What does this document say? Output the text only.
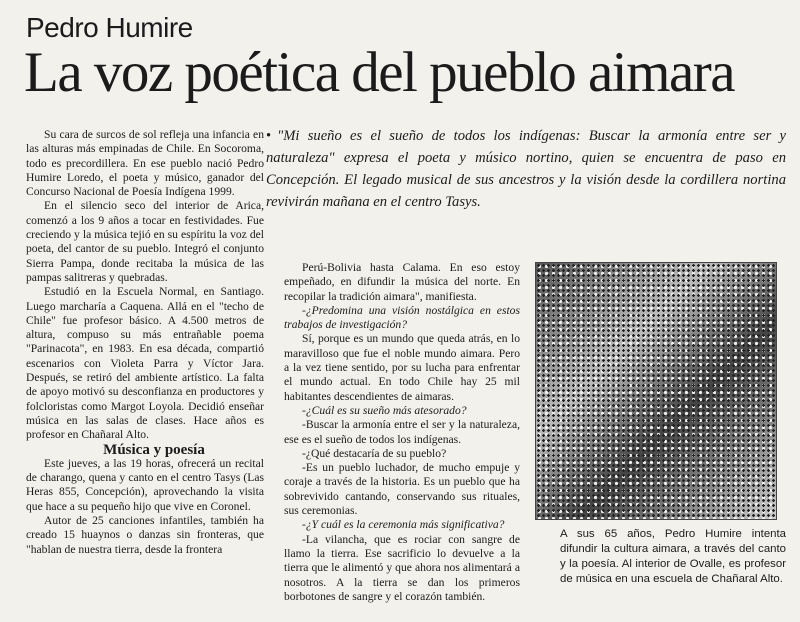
Pedro Humire
La voz poética del pueblo aimara
• "Mi sueño es el sueño de todos los indígenas: Buscar la armonía entre ser y naturaleza" expresa el poeta y músico nortino, quien se encuentra de paso en Concepción. El legado musical de sus ancestros y la visión desde la cordillera nortina revivirán mañana en el centro Tasys.

Su cara de surcos de sol refleja una infancia en las alturas más empinadas de Chile. En Socoroma, todo es precordillera. En ese pueblo nació Pedro Humire Loredo, el poeta y músico, ganador del Concurso Nacional de Poesía Indígena 1999.

En el silencio seco del interior de Arica, comenzó a los 9 años a tocar en festividades. Fue creciendo y la música tejió en su espíritu la voz del poeta, del cantor de su pueblo. Integró el conjunto Sierra Pampa, donde recitaba la música de las pampas salitreras y quebradas.

Estudió en la Escuela Normal, en Santiago. Luego marcharía a Caquena. Allá en el "techo de Chile" fue profesor básico. A 4.500 metros de altura, compuso su más entrañable poema "Parinacota", en 1983. En esa década, compartió escenarios con Violeta Parra y Víctor Jara. Después, se retiró del ambiente artístico. La falta de apoyo motivó su desconfianza en productores y folcloristas como Margot Loyola. Decidió enseñar música en las salas de clases. Hace años es profesor en Chañaral Alto.

Música y poesía

Este jueves, a las 19 horas, ofrecerá un recital de charango, quena y canto en el centro Tasys (Las Heras 855, Concepción), aprovechando la visita que hace a su pequeño hijo que vive en Coronel.

Autor de 25 canciones infantiles, también ha creado 15 huaynos o danzas sin fronteras, que "hablan de nuestra tierra, desde la frontera

Perú-Bolivia hasta Calama. En eso estoy empeñado, en difundir la música del norte. En recopilar la tradición aimara", manifiesta.

-¿Predomina una visión nostálgica en estos trabajos de investigación?

Sí, porque es un mundo que queda atrás, en lo maravilloso que fue el noble mundo aimara. Pero a la vez tiene sentido, por su lucha para enfrentar el mundo actual. En todo Chile hay 25 mil habitantes descendientes de aimaras.

-¿Cuál es su sueño más atesorado?

-Buscar la armonía entre el ser y la naturaleza, ese es el sueño de todos los indígenas.

-¿Qué destacaría de su pueblo?

-Es un pueblo luchador, de mucho empuje y coraje a través de la historia. Es un pueblo que ha sobrevivido cantando, conservando sus rituales, sus ceremonias.

-¿Y cuál es la ceremonia más significativa?

-La vilancha, que es rociar con sangre de llamo la tierra. Ese sacrificio lo devuelve a la tierra que le alimentó y que ahora nos alimentará a nosotros. A la tierra se dan los primeros borbotones de sangre y el corazón también.

A sus 65 años, Pedro Humire intenta difundir la cultura aimara, a través del canto y la poesía. Al interior de Ovalle, es profesor de música en una escuela de Chañaral Alto.
